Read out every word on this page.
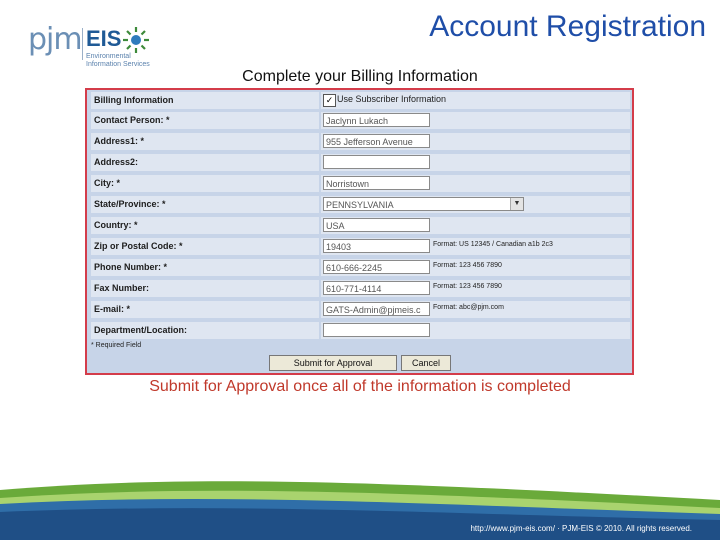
pjm EIS
Environmental
Information Services
Account Registration
Complete your Billing Information
Billing Information	✓ Use Subscriber Information
Contact Person: *	Jaclynn Lukach
Address1: *	955 Jefferson Avenue
Address2:
City: *	Norristown
State/Province: *	PENNSYLVANIA	▼
Country: *	USA
Zip or Postal Code: *	19403	Format: US 12345 / Canadian a1b 2c3
Phone Number: *	610-666-2245	Format: 123 456 7890
Fax Number:	610-771-4114	Format: 123 456 7890
E-mail: *	GATS-Admin@pjmeis.c	Format: abc@pjm.com
Department/Location:
* Required Field
Submit for Approval	Cancel
Submit for Approval once all of the information is completed
http://www.pjm-eis.com/ · PJM-EIS © 2010. All rights reserved.
